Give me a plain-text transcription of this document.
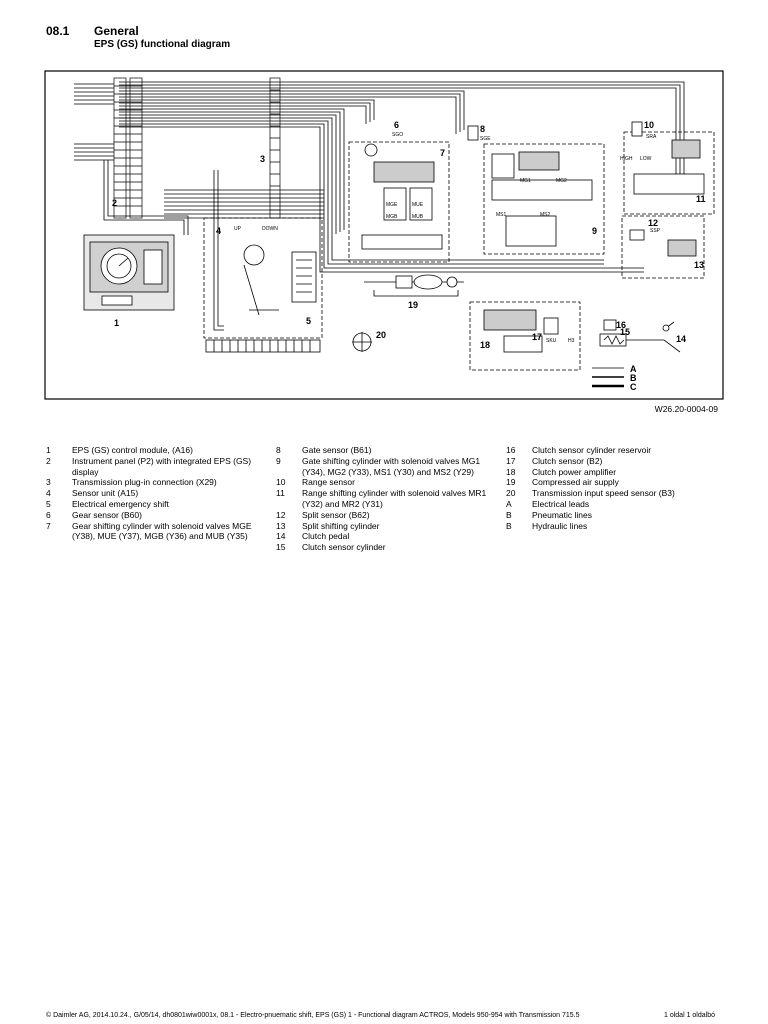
08.1 General
EPS (GS) functional diagram
1
2
3
4
5
6
7
8
9
10
11
12
13
14
15
16
17
18
19
20
A
B
C
UP	DOWN
HIGH LOW
SRA
SGO
SGE
SSP
MGE	MUE
MGB	MUB
MG1	MG2
MS1	MS2
SKU H3
W26.20-0004-09
1	EPS (GS) control module, (A16)
2	Instrument panel (P2) with integrated EPS (GS) display
3	Transmission plug-in connection (X29)
4	Sensor unit (A15)
5	Electrical emergency shift
6	Gear sensor (B60)
7	Gear shifting cylinder with solenoid valves MGE (Y38), MUE (Y37), MGB (Y36) and MUB (Y35)
8	Gate sensor (B61)
9	Gate shifting cylinder with solenoid valves MG1 (Y34), MG2 (Y33), MS1 (Y30) and MS2 (Y29)
10	Range sensor
11	Range shifting cylinder with solenoid valves MR1 (Y32) and MR2 (Y31)
12	Split sensor (B62)
13	Split shifting cylinder
14	Clutch pedal
15	Clutch sensor cylinder
16	Clutch sensor cylinder reservoir
17	Clutch sensor (B2)
18	Clutch power amplifier
19	Compressed air supply
20	Transmission input speed sensor (B3)
A	Electrical leads
B	Pneumatic lines
B	Hydraulic lines
© Daimler AG, 2014.10.24., G/05/14, dh0801wiw0001x, 08.1 - Electro-pnuematic shift, EPS (GS) 1 - Functional diagram ACTROS, Models 950-954 with Transmission 715.5	1 oldal 1 oldalbó
